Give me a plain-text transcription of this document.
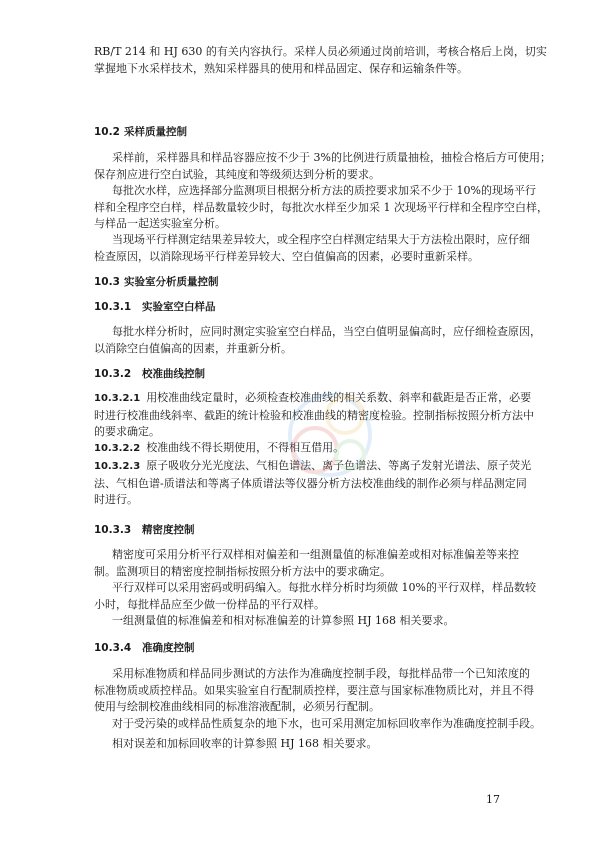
RB/T 214 和 HJ 630 的有关内容执行。采样人员必须通过岗前培训，考核合格后上岗，切实
掌握地下水采样技术，熟知采样器具的使用和样品固定、保存和运输条件等。

10.2 采样质量控制

采样前，采样器具和样品容器应按不少于 3%的比例进行质量抽检，抽检合格后方可使用；

保存剂应进行空白试验，其纯度和等级须达到分析的要求。

每批次水样，应选择部分监测项目根据分析方法的质控要求加采不少于 10%的现场平行

样和全程序空白样，样品数量较少时，每批次水样至少加采 1 次现场平行样和全程序空白样，
与样品一起送实验室分析。

当现场平行样测定结果差异较大，或全程序空白样测定结果大于方法检出限时，应仔细

检查原因，以消除现场平行样差异较大、空白值偏高的因素，必要时重新采样。

10.3 实验室分析质量控制
10.3.1 实验室空白样品

每批水样分析时，应同时测定实验室空白样品，当空白值明显偏高时，应仔细检查原因，

以消除空白值偏高的因素，并重新分析。

10.3.2 校准曲线控制

10.3.2.1 用校准曲线定量时，必须检查校准曲线的相关系数、斜率和截距是否正常，必要
时进行校准曲线斜率、截距的统计检验和校准曲线的精密度检验。控制指标按照分析方法中
的要求确定。

10.3.2.2 校准曲线不得长期使用，不得相互借用。

10.3.2.3 原子吸收分光光度法、气相色谱法、离子色谱法、等离子发射光谱法、原子荧光
法、气相色谱-质谱法和等离子体质谱法等仪器分析方法校准曲线的制作必须与样品测定同
时进行。

10.3.3 精密度控制

精密度可采用分析平行双样相对偏差和一组测量值的标准偏差或相对标准偏差等来控

制。监测项目的精密度控制指标按照分析方法中的要求确定。

平行双样可以采用密码或明码编入。每批水样分析时均须做 10%的平行双样，样品数较

小时，每批样品应至少做一份样品的平行双样。

一组测量值的标准偏差和相对标准偏差的计算参照 HJ 168 相关要求。

10.3.4 准确度控制

采用标准物质和样品同步测试的方法作为准确度控制手段，每批样品带一个已知浓度的

标准物质或质控样品。如果实验室自行配制质控样，要注意与国家标准物质比对，并且不得
使用与绘制校准曲线相同的标准溶液配制，必须另行配制。

对于受污染的或样品性质复杂的地下水，也可采用测定加标回收率作为准确度控制手段。

相对误差和加标回收率的计算参照 HJ 168 相关要求。

17
